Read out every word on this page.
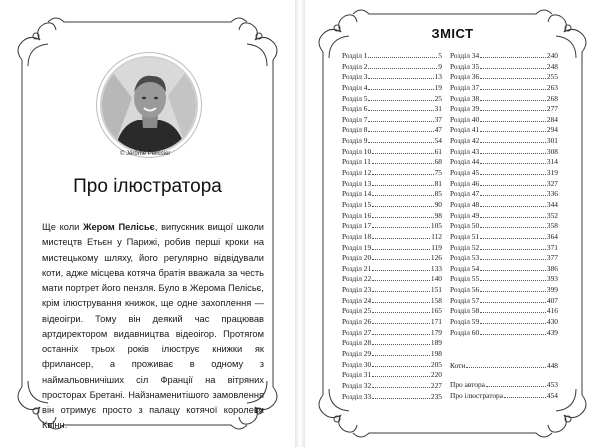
© Jérôme Pélissier
Про ілюстратора
Ще коли Жером Пелісьє, випускник вищої школи мистецтв Етьєн у Парижі, робив перші кроки на мистецькому шляху, його регулярно відвідували коти, адже місцева котяча братія вважала за честь мати портрет його пензля. Було в Жерома Пелісьє, крім ілюстрування книжок, ще одне захоплення — відеоігри. Тому він деякий час працював артдиректором видавництва відеоігор. Протягом останніх трьох років ілюструє книжки як фрилансер, а проживає в одному з наймальовничіших сіл Франції на вітряних просторах Бретані. Найзнаменитішого замовлення він отримує просто з палацу котячої королеви Квінн.
ЗМІСТ
Розділ 1	5
Розділ 2	9
Розділ 3	13
Розділ 4	19
Розділ 5	25
Розділ 6	31
Розділ 7	37
Розділ 8	47
Розділ 9	54
Розділ 10	61
Розділ 11	68
Розділ 12	75
Розділ 13	81
Розділ 14	85
Розділ 15	90
Розділ 16	98
Розділ 17	105
Розділ 18	112
Розділ 19	119
Розділ 20	126
Розділ 21	133
Розділ 22	140
Розділ 23	151
Розділ 24	158
Розділ 25	165
Розділ 26	171
Розділ 27	179
Розділ 28	189
Розділ 29	198
Розділ 30	205
Розділ 31	220
Розділ 32	227
Розділ 33	235
Розділ 34	240
Розділ 35	248
Розділ 36	255
Розділ 37	263
Розділ 38	268
Розділ 39	277
Розділ 40	284
Розділ 41	294
Розділ 42	301
Розділ 43	308
Розділ 44	314
Розділ 45	319
Розділ 46	327
Розділ 47	336
Розділ 48	344
Розділ 49	352
Розділ 50	358
Розділ 51	364
Розділ 52	371
Розділ 53	377
Розділ 54	386
Розділ 55	393
Розділ 56	399
Розділ 57	407
Розділ 58	416
Розділ 59	430
Розділ 60	439
Коти	448
Про автора	453
Про ілюстратора	454
